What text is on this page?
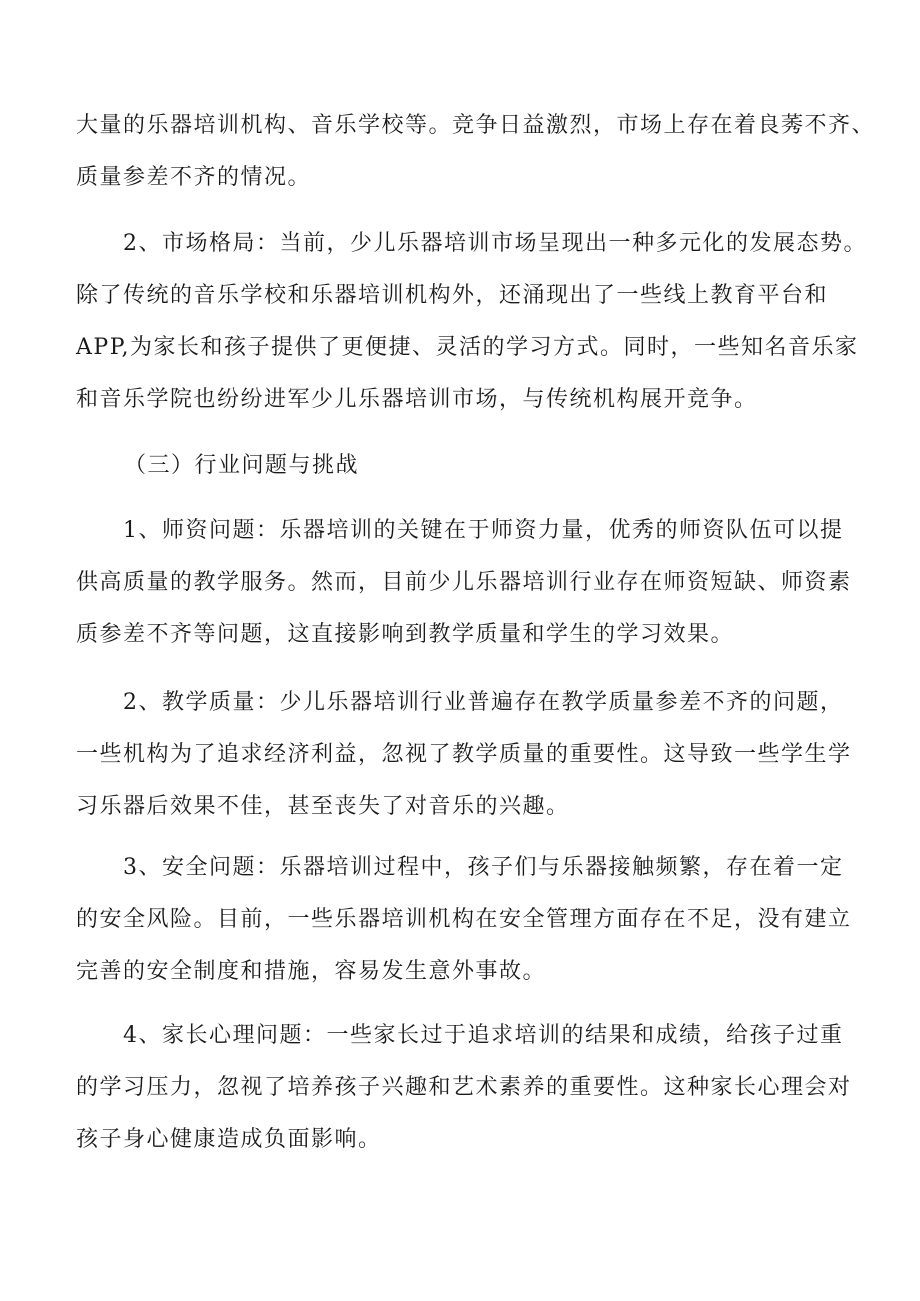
大量的乐器培训机构、音乐学校等。竞争日益激烈，市场上存在着良莠不齐、
质量参差不齐的情况。

　　2、市场格局：当前，少儿乐器培训市场呈现出一种多元化的发展态势。
除了传统的音乐学校和乐器培训机构外，还涌现出了一些线上教育平台和
APP,为家长和孩子提供了更便捷、灵活的学习方式。同时，一些知名音乐家
和音乐学院也纷纷进军少儿乐器培训市场，与传统机构展开竞争。

（三）行业问题与挑战

　　1、师资问题：乐器培训的关键在于师资力量，优秀的师资队伍可以提
供高质量的教学服务。然而，目前少儿乐器培训行业存在师资短缺、师资素
质参差不齐等问题，这直接影响到教学质量和学生的学习效果。

　　2、教学质量：少儿乐器培训行业普遍存在教学质量参差不齐的问题，
一些机构为了追求经济利益，忽视了教学质量的重要性。这导致一些学生学
习乐器后效果不佳，甚至丧失了对音乐的兴趣。

　　3、安全问题：乐器培训过程中，孩子们与乐器接触频繁，存在着一定
的安全风险。目前，一些乐器培训机构在安全管理方面存在不足，没有建立
完善的安全制度和措施，容易发生意外事故。

　　4、家长心理问题：一些家长过于追求培训的结果和成绩，给孩子过重
的学习压力，忽视了培养孩子兴趣和艺术素养的重要性。这种家长心理会对
孩子身心健康造成负面影响。
